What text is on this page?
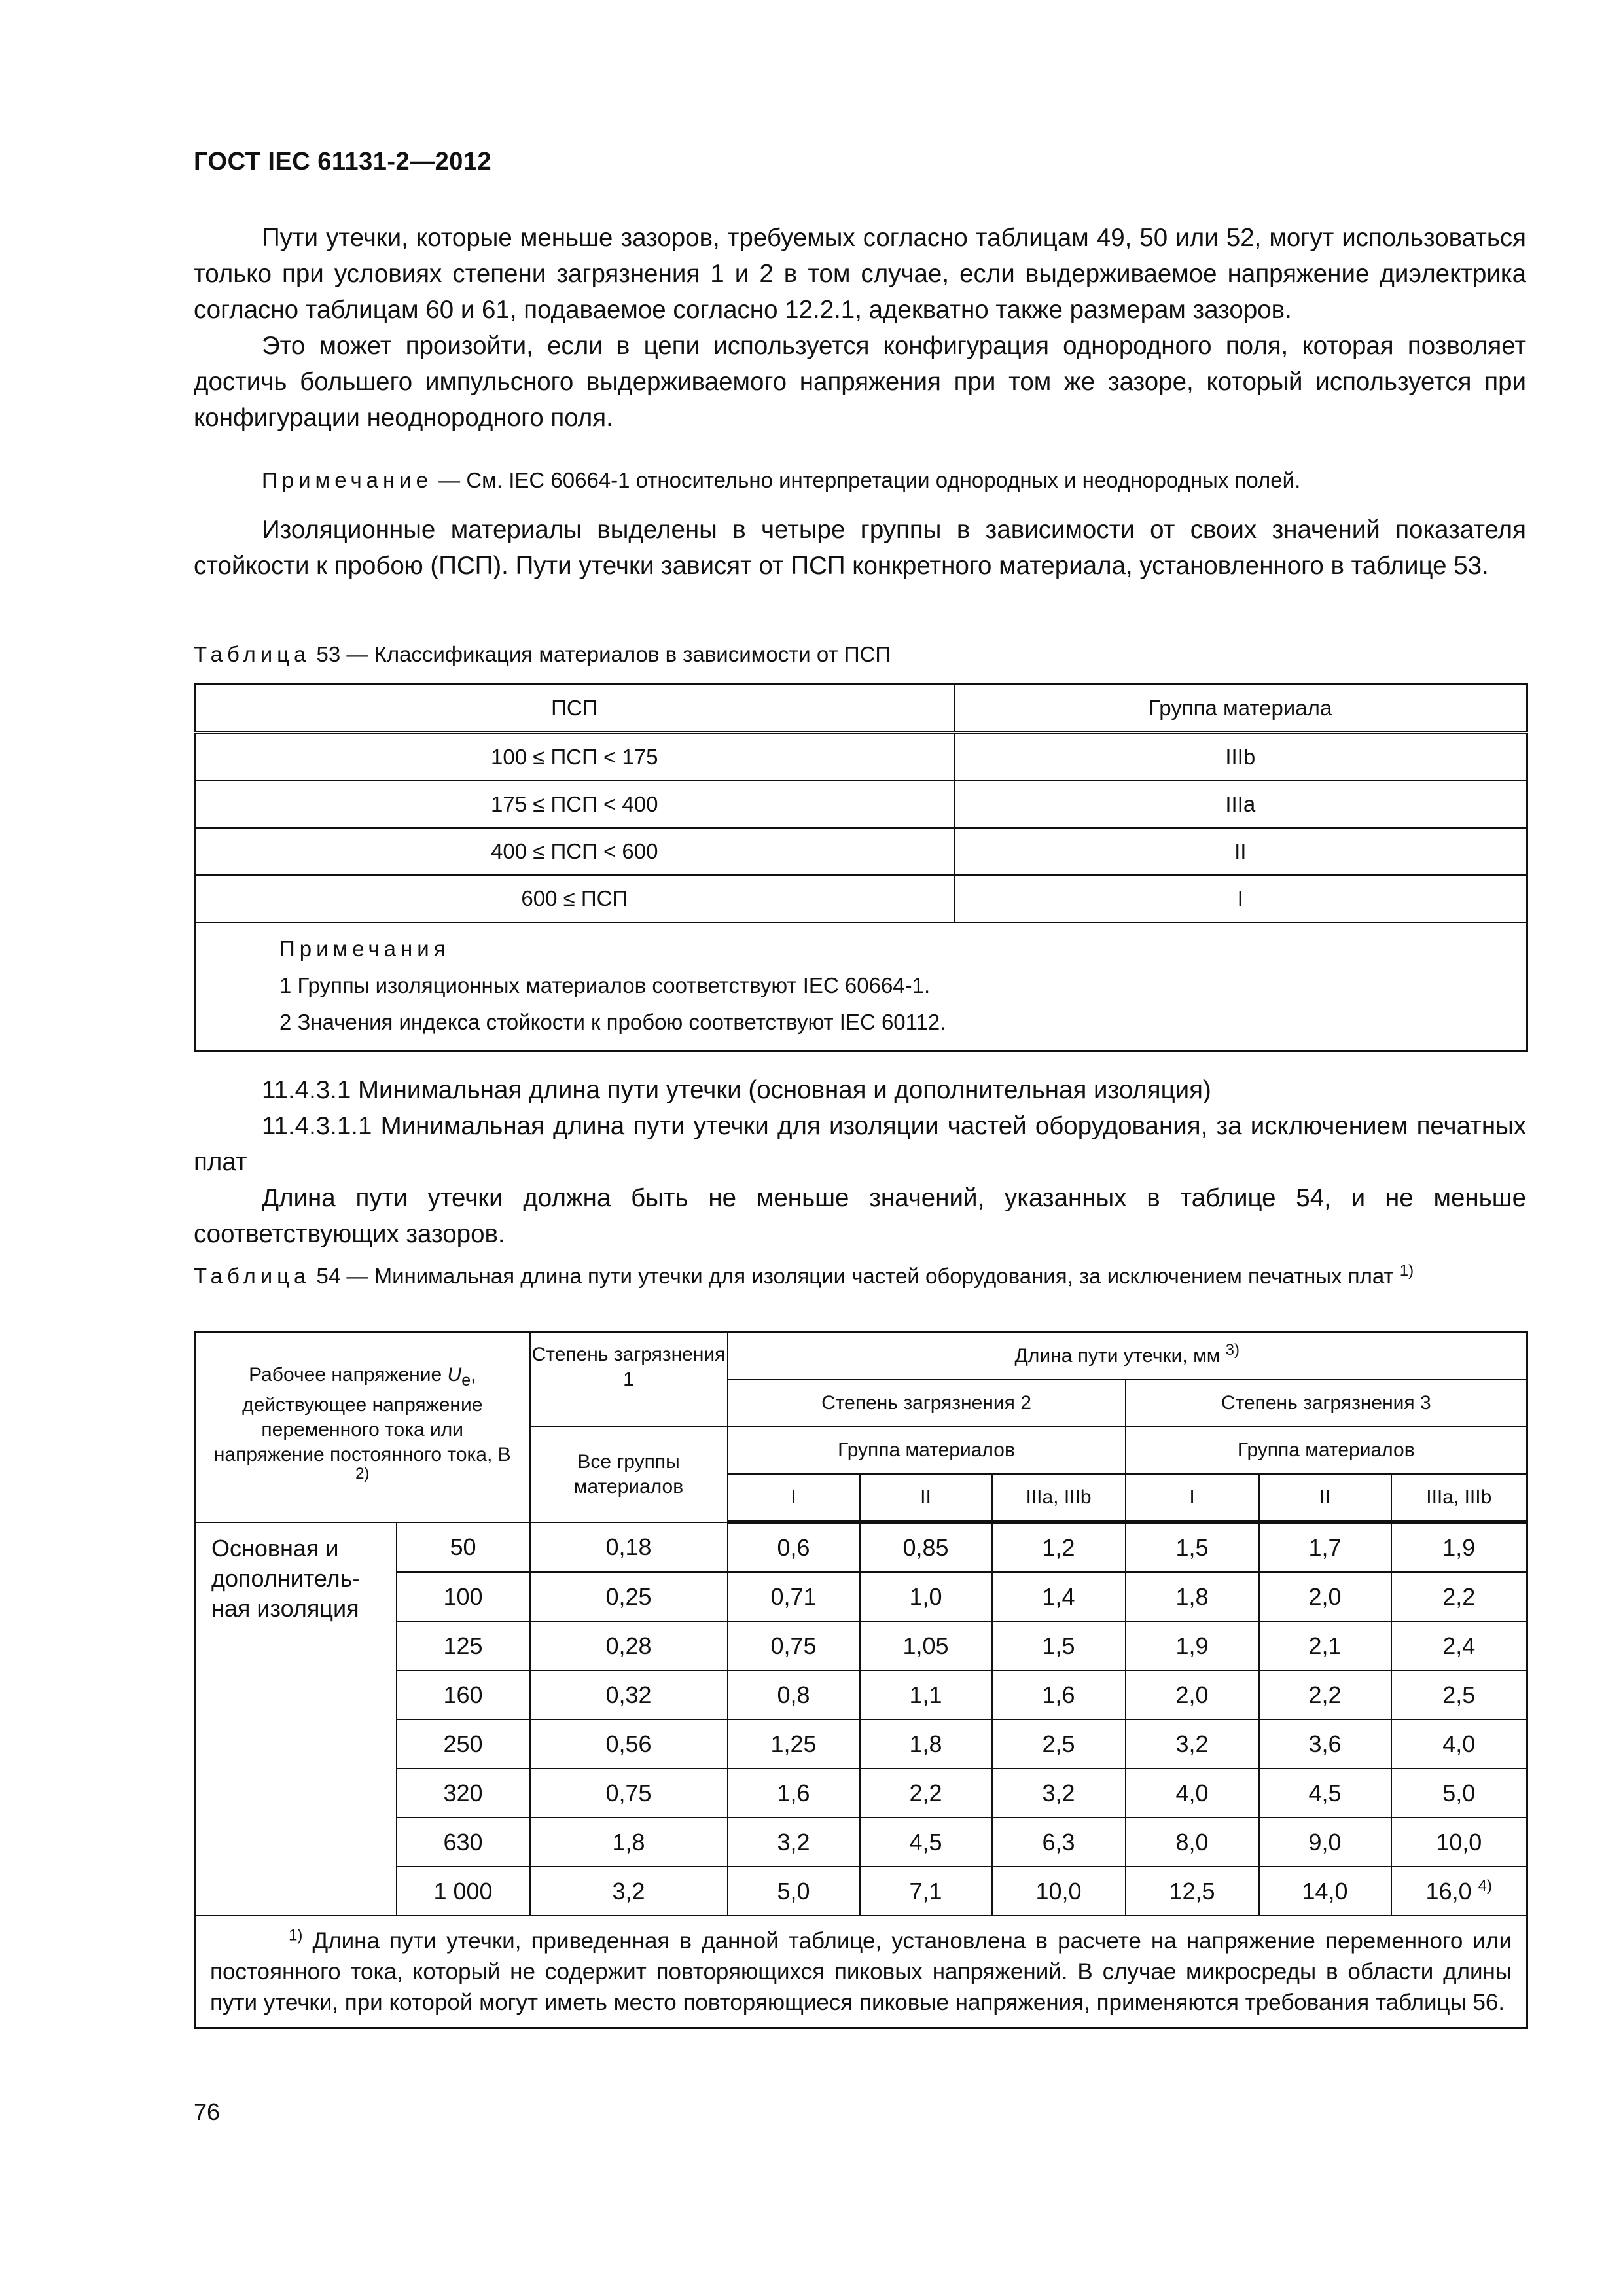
ГОСТ IEC 61131-2—2012

Пути утечки, которые меньше зазоров, требуемых согласно таблицам 49, 50 или 52, могут использоваться только при условиях степени загрязнения 1 и 2 в том случае, если выдерживаемое напряжение диэлектрика согласно таблицам 60 и 61, подаваемое согласно 12.2.1, адекватно также размерам зазоров.

Это может произойти, если в цепи используется конфигурация однородного поля, которая позволяет достичь большего импульсного выдерживаемого напряжения при том же зазоре, который используется при конфигурации неоднородного поля.

Примечание — См. IEC 60664-1 относительно интерпретации однородных и неоднородных полей.

Изоляционные материалы выделены в четыре группы в зависимости от своих значений показателя стойкости к пробою (ПСП). Пути утечки зависят от ПСП конкретного материала, установленного в таблице 53.

Таблица 53 — Классификация материалов в зависимости от ПСП
ПСП	Группа материала
100 ≤ ПСП < 175	IIIb
175 ≤ ПСП < 400	IIIa
400 ≤ ПСП < 600	II
600 ≤ ПСП	I

Примечания
1 Группы изоляционных материалов соответствуют IEC 60664-1.
2 Значения индекса стойкости к пробою соответствуют IEC 60112.	

11.4.3.1 Минимальная длина пути утечки (основная и дополнительная изоляция)

11.4.3.1.1 Минимальная длина пути утечки для изоляции частей оборудования, за исключением печатных плат

Длина пути утечки должна быть не меньше значений, указанных в таблице 54, и не меньше соответствующих зазоров.

Таблица 54 — Минимальная длина пути утечки для изоляции частей оборудования, за исключением печатных плат $^{1)}$
Рабочее напряжение $U_e$, действующее напряжение переменного тока или напряжение постоянного тока, В $^{2)}$		Степень загрязнения 1	Длина пути утечки, мм $^{3)}$
			Степень загрязнения 2			Степень загрязнения 3		
		Все группы материалов	Группа материалов			Группа материалов		
			I	II	IIIa, IIIb	I	II	IIIa, IIIb
Основная и дополнитель-ная изоляция	50	0,18	0,6	0,85	1,2	1,5	1,7	1,9
	100	0,25	0,71	1,0	1,4	1,8	2,0	2,2
	125	0,28	0,75	1,05	1,5	1,9	2,1	2,4
	160	0,32	0,8	1,1	1,6	2,0	2,2	2,5
	250	0,56	1,25	1,8	2,5	3,2	3,6	4,0
	320	0,75	1,6	2,2	3,2	4,0	4,5	5,0
	630	1,8	3,2	4,5	6,3	8,0	9,0	10,0
	1 000	3,2	5,0	7,1	10,0	12,5	14,0	16,0 $^{4)}$
$^{1)}$ Длина пути утечки, приведенная в данной таблице, установлена в расчете на напряжение переменного или постоянного тока, который не содержит повторяющихся пиковых напряжений. В случае микросреды в области длины пути утечки, при которой могут иметь место повторяющиеся пиковые напряжения, применяются требования таблицы 56.								
76
